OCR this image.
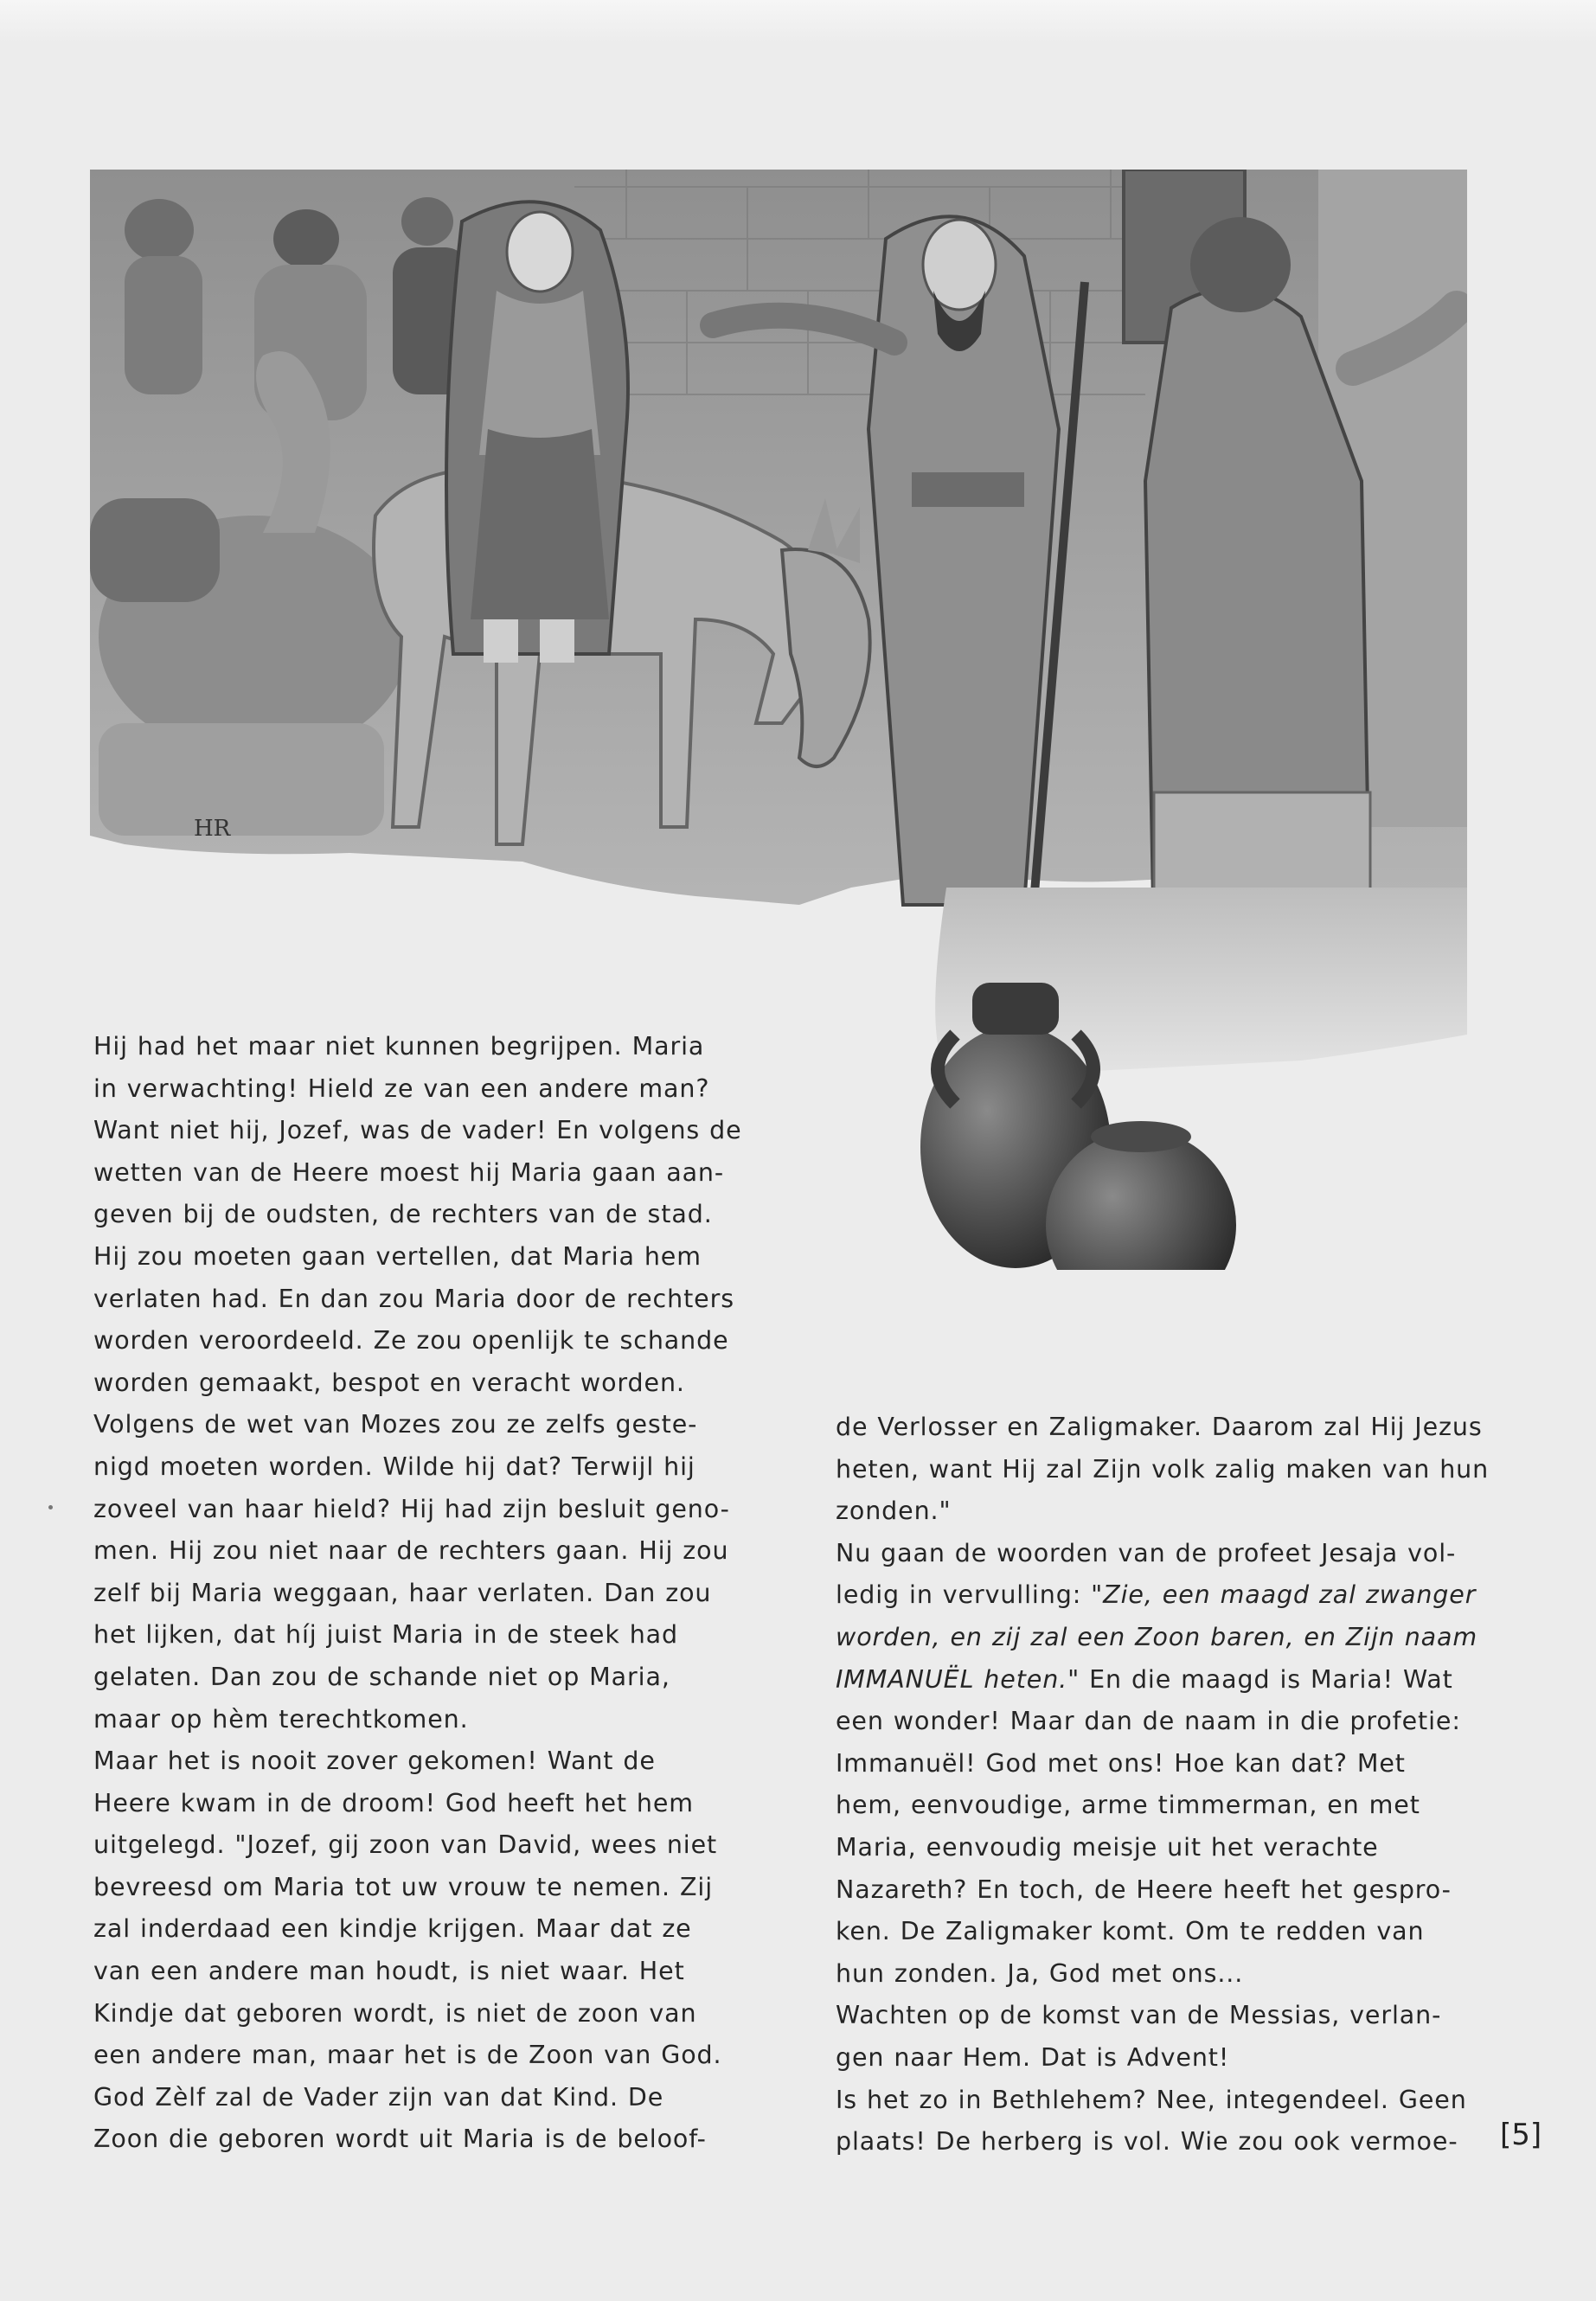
HR
Hij had het maar niet kunnen begrijpen. Maria
in verwachting! Hield ze van een andere man?
Want niet hij, Jozef, was de vader! En volgens de
wetten van de Heere moest hij Maria gaan aan-
geven bij de oudsten, de rechters van de stad.
Hij zou moeten gaan vertellen, dat Maria hem
verlaten had. En dan zou Maria door de rechters
worden veroordeeld. Ze zou openlijk te schande
worden gemaakt, bespot en veracht worden.
Volgens de wet van Mozes zou ze zelfs geste-
nigd moeten worden. Wilde hij dat? Terwijl hij
zoveel van haar hield? Hij had zijn besluit geno-
men. Hij zou niet naar de rechters gaan. Hij zou
zelf bij Maria weggaan, haar verlaten. Dan zou
het lijken, dat híj juist Maria in de steek had
gelaten. Dan zou de schande niet op Maria,
maar op hèm terechtkomen.
Maar het is nooit zover gekomen! Want de
Heere kwam in de droom! God heeft het hem
uitgelegd. "Jozef, gij zoon van David, wees niet
bevreesd om Maria tot uw vrouw te nemen. Zij
zal inderdaad een kindje krijgen. Maar dat ze
van een andere man houdt, is niet waar. Het
Kindje dat geboren wordt, is niet de zoon van
een andere man, maar het is de Zoon van God.
God Zèlf zal de Vader zijn van dat Kind. De
Zoon die geboren wordt uit Maria is de beloof-
de Verlosser en Zaligmaker. Daarom zal Hij Jezus
heten, want Hij zal Zijn volk zalig maken van hun
zonden."
Nu gaan de woorden van de profeet Jesaja vol-
ledig in vervulling: "Zie, een maagd zal zwanger
worden, en zij zal een Zoon baren, en Zijn naam
IMMANUËL heten." En die maagd is Maria! Wat
een wonder! Maar dan de naam in die profetie:
Immanuël! God met ons! Hoe kan dat? Met
hem, eenvoudige, arme timmerman, en met
Maria, eenvoudig meisje uit het verachte
Nazareth? En toch, de Heere heeft het gespro-
ken. De Zaligmaker komt. Om te redden van
hun zonden. Ja, God met ons...
Wachten op de komst van de Messias, verlan-
gen naar Hem. Dat is Advent!
Is het zo in Bethlehem? Nee, integendeel. Geen
plaats! De herberg is vol. Wie zou ook vermoe-	[5]
